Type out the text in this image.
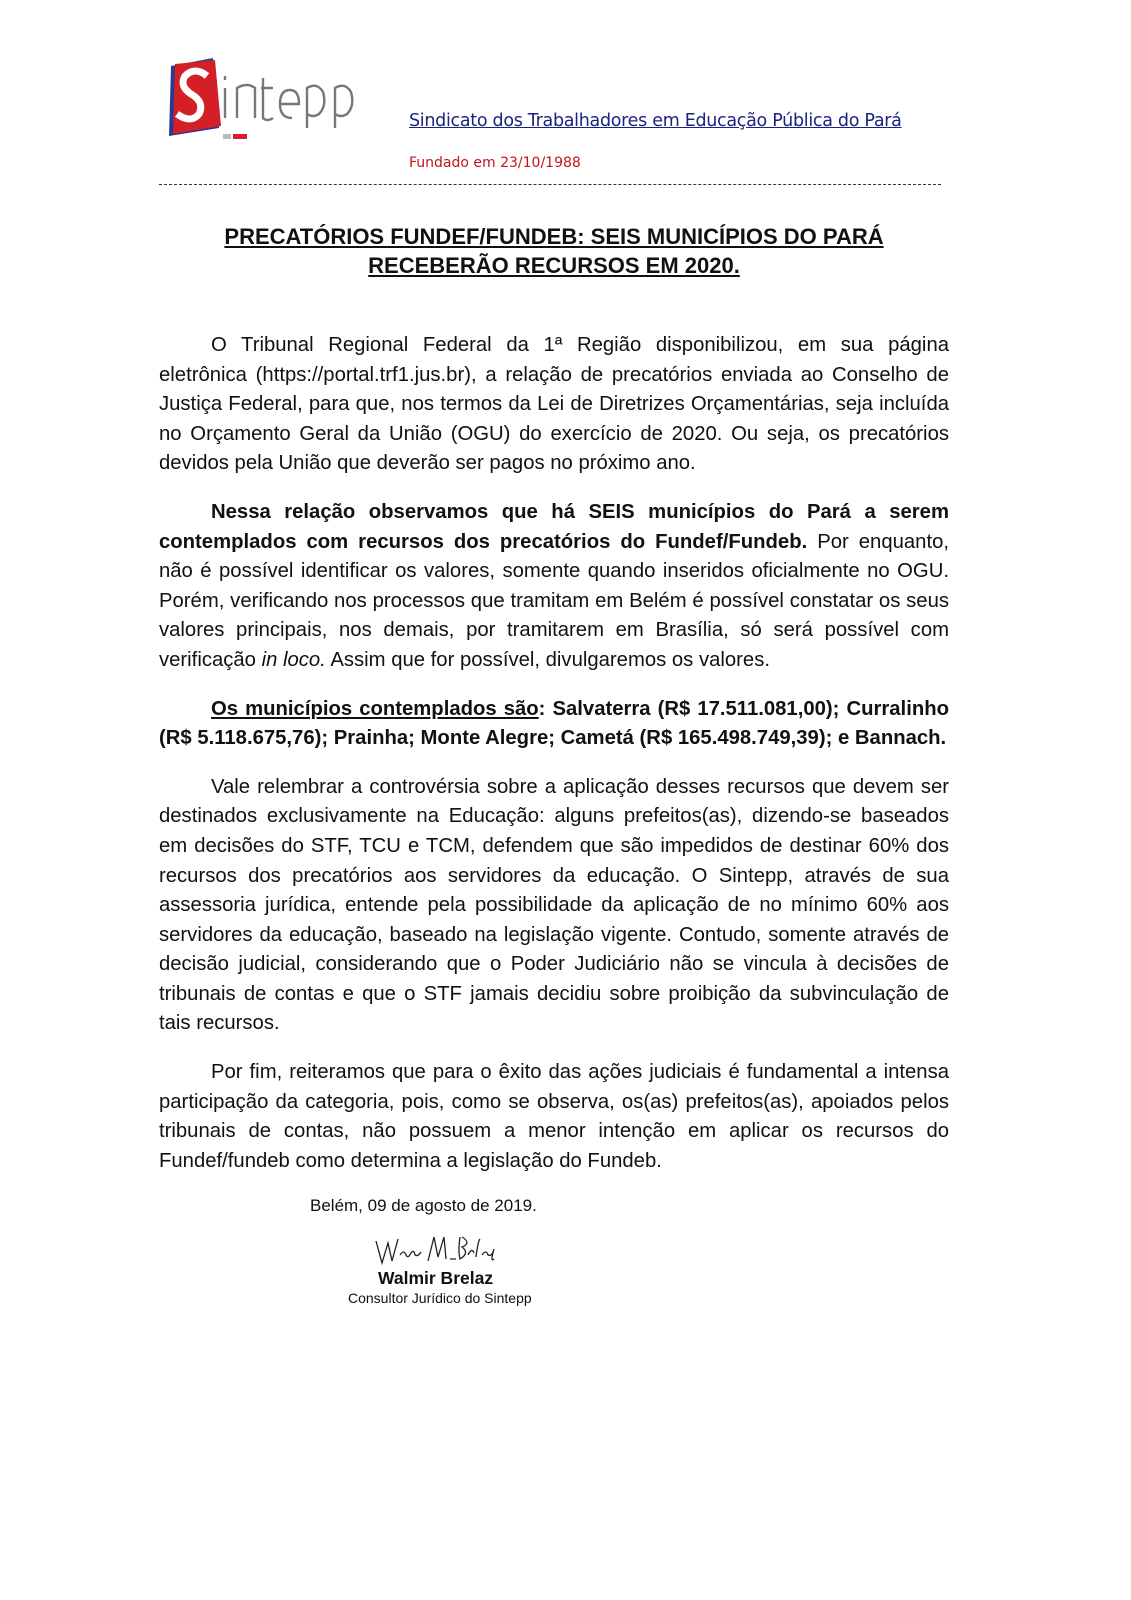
Sindicato dos Trabalhadores em Educação Pública do Pará
Fundado em 23/10/1988
PRECATÓRIOS FUNDEF/FUNDEB: SEIS MUNICÍPIOS DO PARÁ
RECEBERÃO RECURSOS EM 2020.

O Tribunal Regional Federal da 1ª Região disponibilizou, em sua página eletrônica (https://portal.trf1.jus.br), a relação de precatórios enviada ao Conselho de Justiça Federal, para que, nos termos da Lei de Diretrizes Orçamentárias, seja incluída no Orçamento Geral da União (OGU) do exercício de 2020. Ou seja, os precatórios devidos pela União que deverão ser pagos no próximo ano.

Nessa relação observamos que há SEIS municípios do Pará a serem contemplados com recursos dos precatórios do Fundef/Fundeb. Por enquanto, não é possível identificar os valores, somente quando inseridos oficialmente no OGU. Porém, verificando nos processos que tramitam em Belém é possível constatar os seus valores principais, nos demais, por tramitarem em Brasília, só será possível com verificação in loco. Assim que for possível, divulgaremos os valores.

Os municípios contemplados são: Salvaterra (R$ 17.511.081,00); Curralinho (R$ 5.118.675,76); Prainha; Monte Alegre; Cametá (R$ 165.498.749,39); e Bannach.

Vale relembrar a controvérsia sobre a aplicação desses recursos que devem ser destinados exclusivamente na Educação: alguns prefeitos(as), dizendo-se baseados em decisões do STF, TCU e TCM, defendem que são impedidos de destinar 60% dos recursos dos precatórios aos servidores da educação. O Sintepp, através de sua assessoria jurídica, entende pela possibilidade da aplicação de no mínimo 60% aos servidores da educação, baseado na legislação vigente. Contudo, somente através de decisão judicial, considerando que o Poder Judiciário não se vincula à decisões de tribunais de contas e que o STF jamais decidiu sobre proibição da subvinculação de tais recursos.

Por fim, reiteramos que para o êxito das ações judiciais é fundamental a intensa participação da categoria, pois, como se observa, os(as) prefeitos(as), apoiados pelos tribunais de contas, não possuem a menor intenção em aplicar os recursos do Fundef/fundeb como determina a legislação do Fundeb.

Belém, 09 de agosto de 2019.
Walmir Brelaz
Consultor Jurídico do Sintepp
